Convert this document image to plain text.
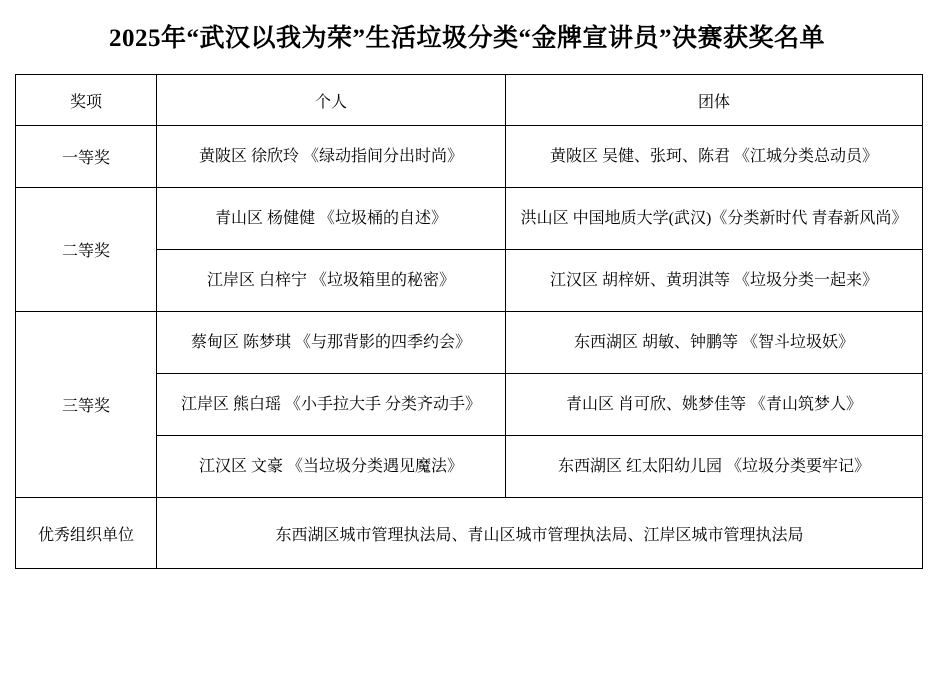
2025年“武汉以我为荣”生活垃圾分类“金牌宣讲员”决赛获奖名单
奖项	个人	团体
一等奖	黄陂区 徐欣玲 《绿动指间分出时尚》	黄陂区 吴健、张珂、陈君 《江城分类总动员》
二等奖	青山区 杨健健 《垃圾桶的自述》	洪山区 中国地质大学(武汉)《分类新时代 青春新风尚》
	江岸区 白梓宁 《垃圾箱里的秘密》	江汉区 胡梓妍、黄玥淇等 《垃圾分类一起来》
三等奖	蔡甸区 陈梦琪 《与那背影的四季约会》	东西湖区 胡敏、钟鹏等 《智斗垃圾妖》
	江岸区 熊白瑶 《小手拉大手 分类齐动手》	青山区 肖可欣、姚梦佳等 《青山筑梦人》
	江汉区 文豪 《当垃圾分类遇见魔法》	东西湖区 红太阳幼儿园 《垃圾分类要牢记》
优秀组织单位	东西湖区城市管理执法局、青山区城市管理执法局、江岸区城市管理执法局	
